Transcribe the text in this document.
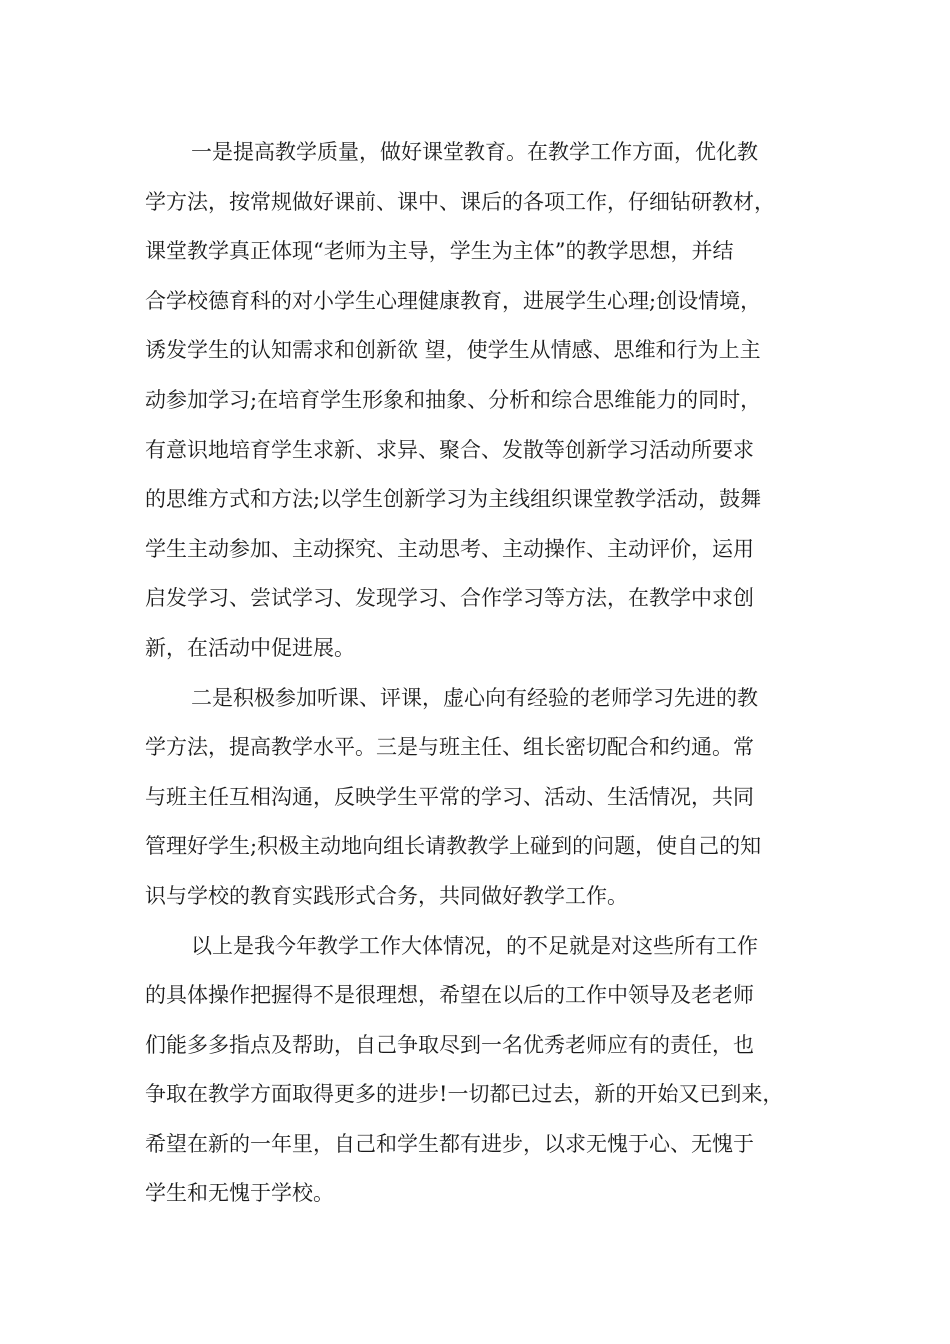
一是提高教学质量，做好课堂教育。在教学工作方面，优化教
学方法，按常规做好课前、课中、课后的各项工作，仔细钻研教材，
课堂教学真正体现“老师为主导，学生为主体”的教学思想，并结
合学校德育科的对小学生心理健康教育，进展学生心理;创设情境，
诱发学生的认知需求和创新欲 望，使学生从情感、思维和行为上主
动参加学习;在培育学生形象和抽象、分析和综合思维能力的同时，
有意识地培育学生求新、求异、聚合、发散等创新学习活动所要求
的思维方式和方法;以学生创新学习为主线组织课堂教学活动，鼓舞
学生主动参加、主动探究、主动思考、主动操作、主动评价，运用
启发学习、尝试学习、发现学习、合作学习等方法，在教学中求创
新，在活动中促进展。
二是积极参加听课、评课，虚心向有经验的老师学习先进的教
学方法，提高教学水平。三是与班主任、组长密切配合和约通。常
与班主任互相沟通，反映学生平常的学习、活动、生活情况，共同
管理好学生;积极主动地向组长请教教学上碰到的问题，使自己的知
识与学校的教育实践形式合务，共同做好教学工作。
以上是我今年教学工作大体情况，的不足就是对这些所有工作
的具体操作把握得不是很理想，希望在以后的工作中领导及老老师
们能多多指点及帮助，自己争取尽到一名优秀老师应有的责任，也
争取在教学方面取得更多的进步!一切都已过去，新的开始又已到来，
希望在新的一年里，自己和学生都有进步，以求无愧于心、无愧于
学生和无愧于学校。
